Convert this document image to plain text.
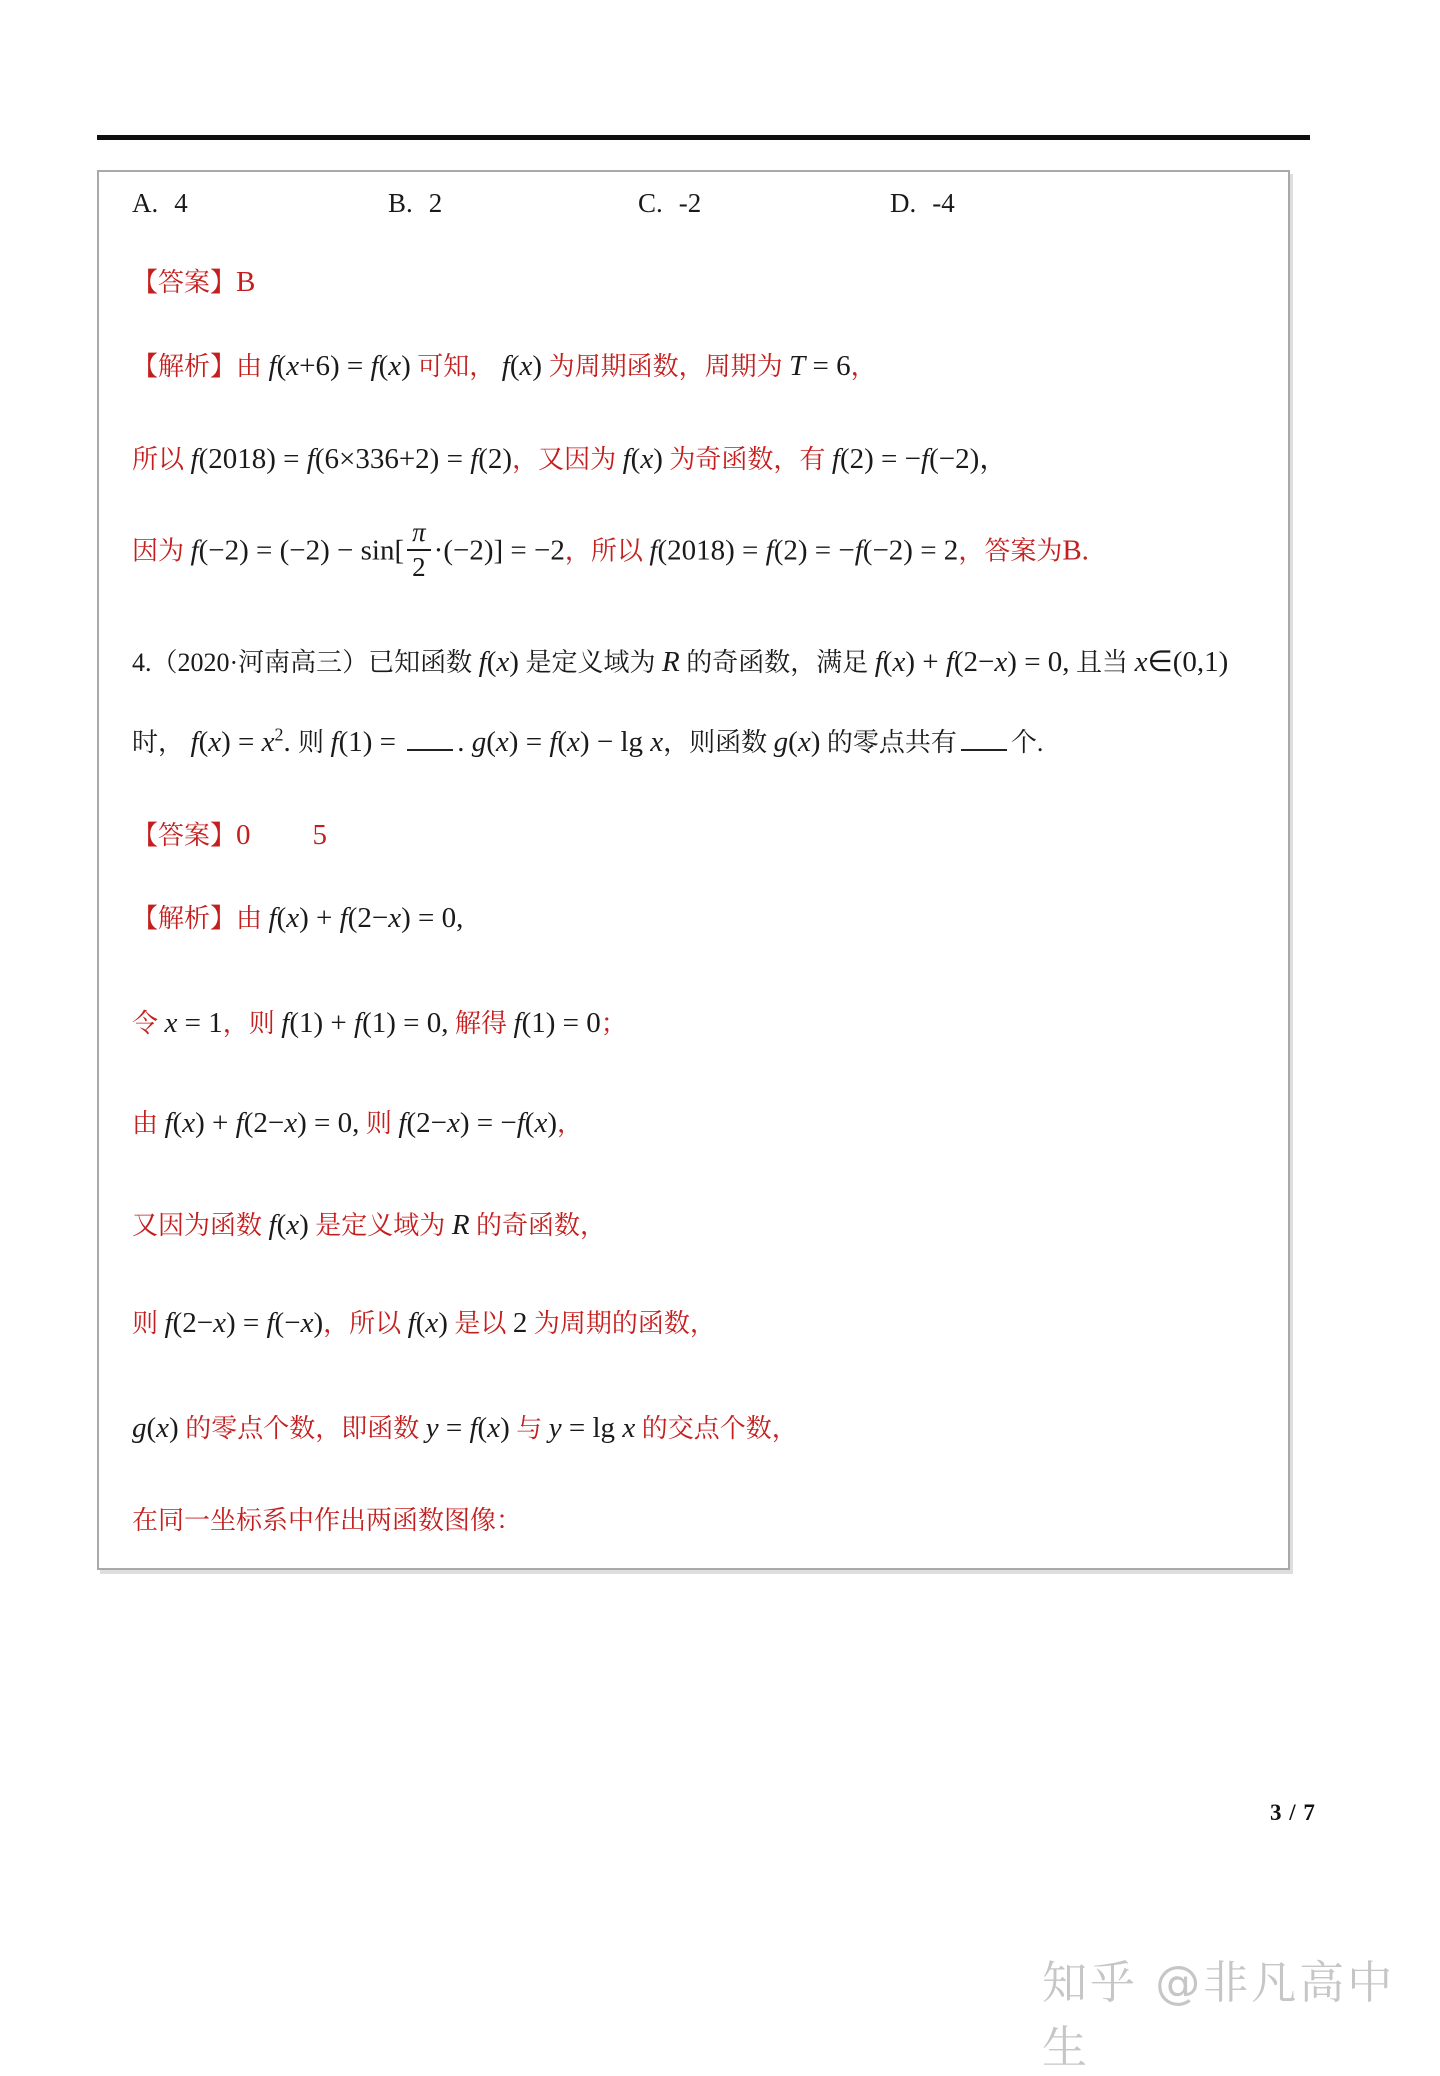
A. 4	B. 2	C. -2	D. -4
【答案】B
【解析】由 f(x+6) = f(x) 可知， f(x) 为周期函数，周期为 T = 6，
所以 f(2018) = f(6×336+2) = f(2)，又因为 f(x) 为奇函数，有 f(2) = −f(−2)，
因为 $f(-2) = (-2) - \sin[ \frac{\pi}{2} \cdot(-2)] = -2$，所以 f(2018) = f(2) = −f(−2) = 2，答案为B.
4.（2020·河南高三）已知函数 f(x) 是定义域为 R 的奇函数，满足 f(x) + f(2−x) = 0, 且当 x∈(0,1)
时， $f(x) = x^2$. 则 f(1) = . g(x) = f(x) − lg x，则函数 g(x) 的零点共有 个.
【答案】0 5
【解析】由 f(x) + f(2−x) = 0,
令 x = 1，则 f(1) + f(1) = 0, 解得 f(1) = 0；
由 f(x) + f(2−x) = 0, 则 f(2−x) = −f(x)，
又因为函数 f(x) 是定义域为 R 的奇函数，
则 f(2−x) = f(−x)，所以 f(x) 是以 2 为周期的函数，
g(x) 的零点个数，即函数 y = f(x) 与 y = lg x 的交点个数，
在同一坐标系中作出两函数图像：
3 / 7
知乎 @非凡高中生
